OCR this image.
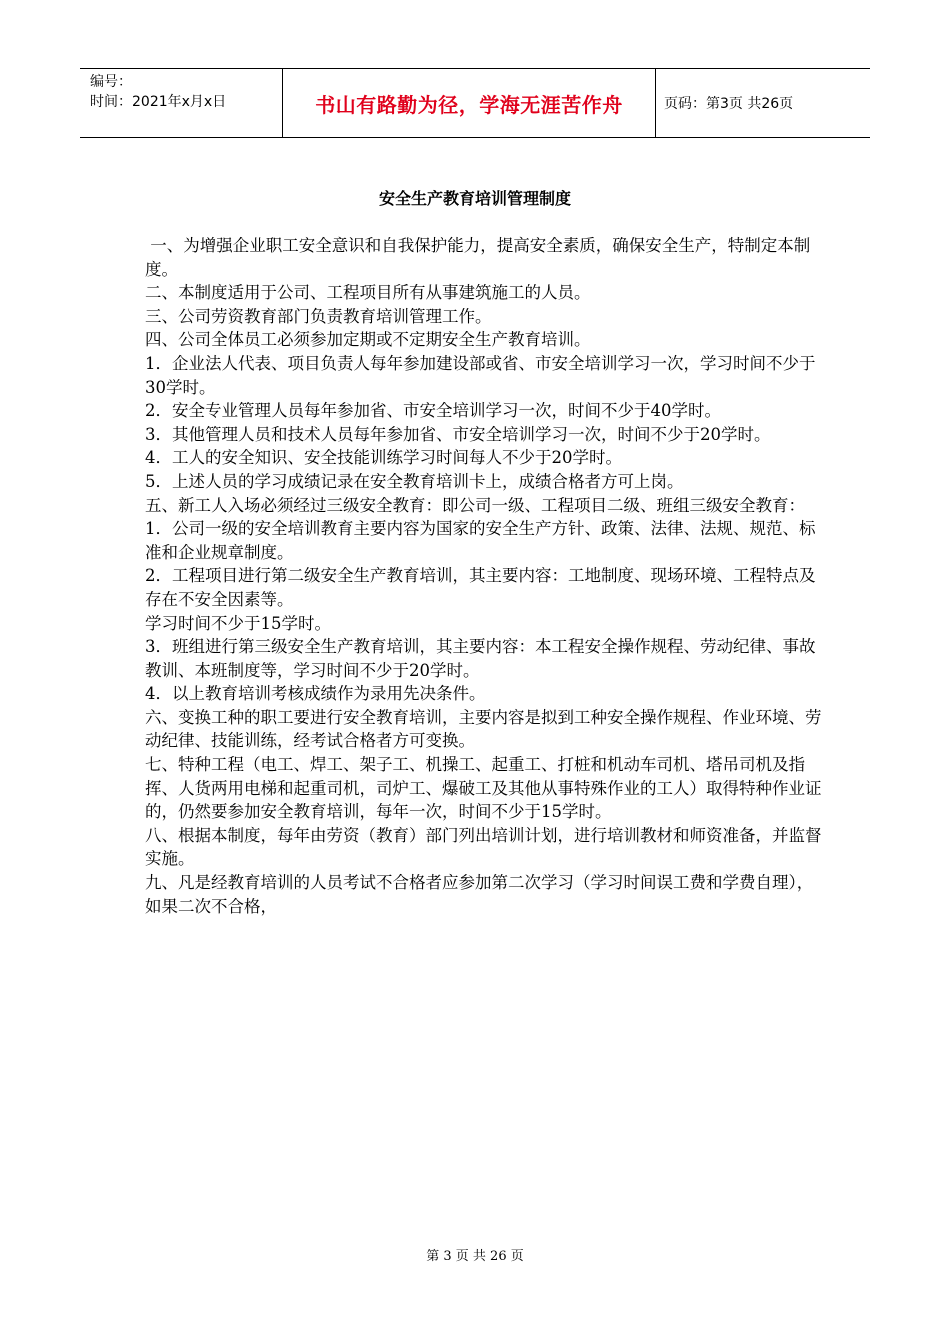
编号：
时间：2021年x月x日	书山有路勤为径，学海无涯苦作舟	页码：第3页 共26页
安全生产教育培训管理制度

一、为增强企业职工安全意识和自我保护能力，提高安全素质，确保安全生产，特制定本制度。

二、本制度适用于公司、工程项目所有从事建筑施工的人员。

三、公司劳资教育部门负责教育培训管理工作。

四、公司全体员工必须参加定期或不定期安全生产教育培训。

1．企业法人代表、项目负责人每年参加建设部或省、市安全培训学习一次，学习时间不少于30学时。

2．安全专业管理人员每年参加省、市安全培训学习一次，时间不少于40学时。

3．其他管理人员和技术人员每年参加省、市安全培训学习一次，时间不少于20学时。

4．工人的安全知识、安全技能训练学习时间每人不少于20学时。

5．上述人员的学习成绩记录在安全教育培训卡上，成绩合格者方可上岗。

五、新工人入场必须经过三级安全教育：即公司一级、工程项目二级、班组三级安全教育：

1．公司一级的安全培训教育主要内容为国家的安全生产方针、政策、法律、法规、规范、标准和企业规章制度。

2．工程项目进行第二级安全生产教育培训，其主要内容：工地制度、现场环境、工程特点及存在不安全因素等。

学习时间不少于15学时。

3．班组进行第三级安全生产教育培训，其主要内容：本工程安全操作规程、劳动纪律、事故教训、本班制度等，学习时间不少于20学时。

4．以上教育培训考核成绩作为录用先决条件。

六、变换工种的职工要进行安全教育培训，主要内容是拟到工种安全操作规程、作业环境、劳动纪律、技能训练，经考试合格者方可变换。

七、特种工程（电工、焊工、架子工、机操工、起重工、打桩和机动车司机、塔吊司机及指挥、人货两用电梯和起重司机，司炉工、爆破工及其他从事特殊作业的工人）取得特种作业证的，仍然要参加安全教育培训，每年一次，时间不少于15学时。

八、根据本制度，每年由劳资（教育）部门列出培训计划，进行培训教材和师资准备，并监督实施。

九、凡是经教育培训的人员考试不合格者应参加第二次学习（学习时间误工费和学费自理），如果二次不合格，

第 3 页 共 26 页
